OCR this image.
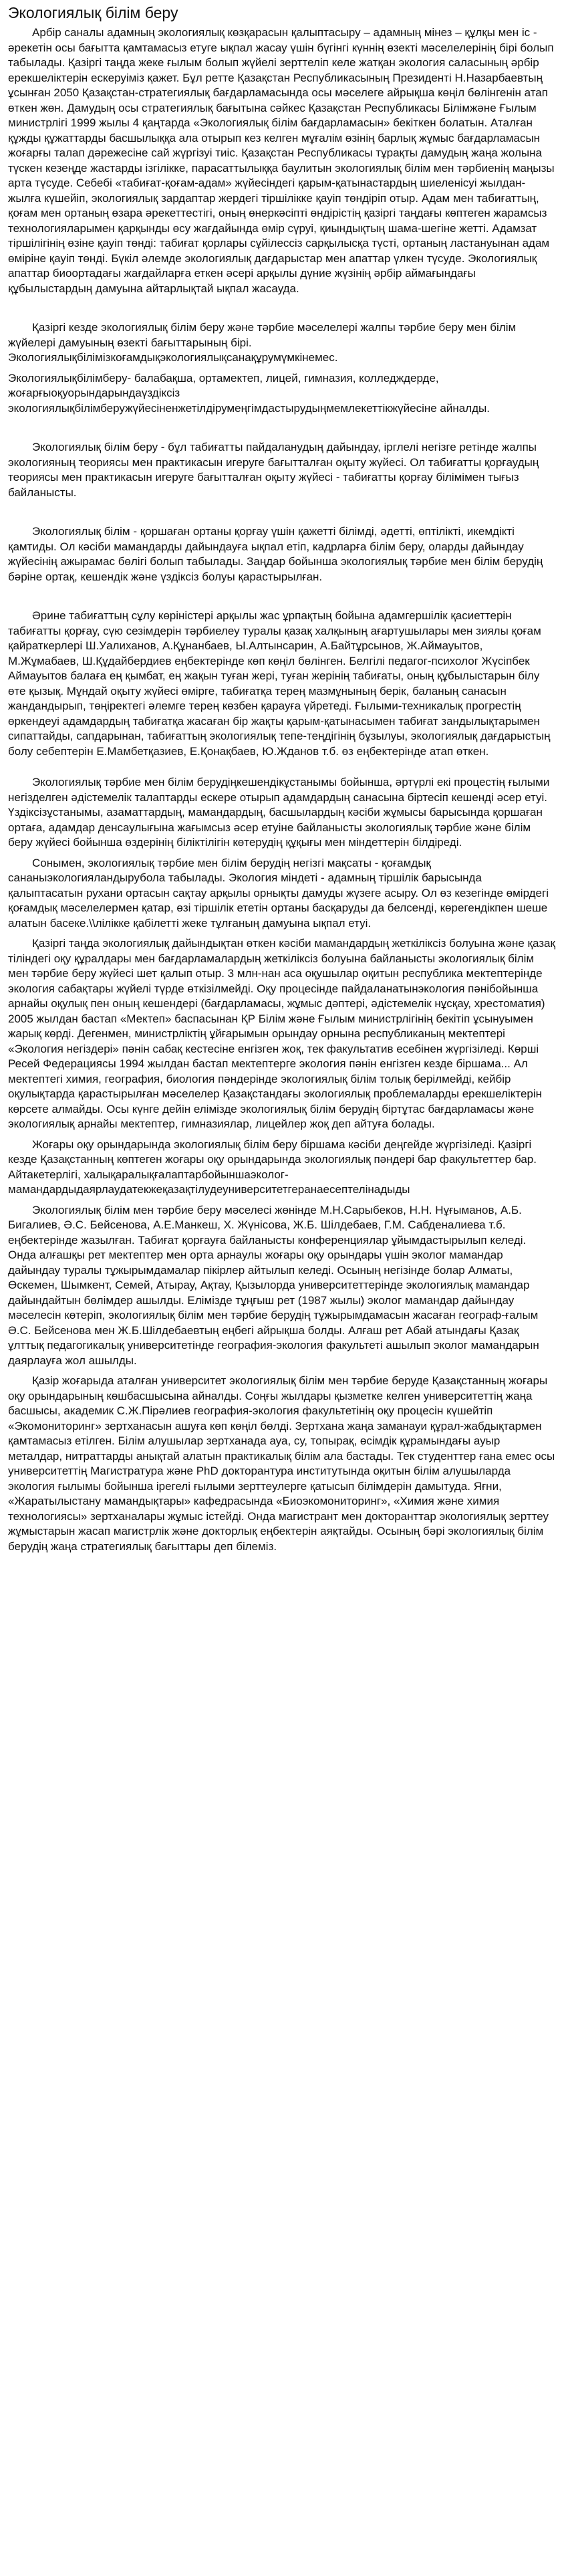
Экологиялық білім беру

Арбір саналы адамның экологиялық көзқарасын қалыптасыру – адамның мінез – құлқы мен іс - әрекетін осы бағытта қамтамасыз етуге ықпал жасау үшін бүгінгі күннің өзекті мәселелерінің бірі болып табылады. Қазіргі таңда жеке ғылым болып жүйелі зерттеліп келе жатқан экология саласының әрбір ерекшеліктерін ескеруіміз қажет. Бұл ретте Қазақстан Республикасының Президенті Н.Назарбаевтың ұсынған 2050 Қазақстан-стратегиялық бағдарламасында осы мәселеге айрықша көңіл бөлінгенін атап өткен жөн. Дамудың осы стратегиялық бағытына сәйкес Қазақстан Республикасы Білімжәне Ғылым министрлігі 1999 жылы 4 қаңтарда «Экологиялық білім бағдарламасын» бекіткен болатын. Аталған құжды құжаттарды басшылыққа ала отырып кез келген мұғалім өзінің барлық жұмыс бағдарламасын жоғарғы талап дәрежесіне сай жүргізуі тиіс. Қазақстан Республикасы тұрақты дамудың жаңа жолына түскен кезеңде жастарды ізгілікке, парасаттылыққа баулитын экологиялық білім мен тәрбиенің маңызы арта түсуде. Себебі «табиғат-қоғам-адам» жүйесіндегі қарым-қатынастардың шиеленісуі жылдан-жылға күшейіп, экологиялық зардаптар жердегі тіршілікке қауіп төндіріп отыр. Адам мен табиғаттың, қоғам мен ортаның өзара әрекеттестігі, оның өнеркәсіпті өндірістің қазіргі таңдағы көптеген жарамсыз технологияларымен қарқынды өсу жағдайында өмір сүруі, қиындықтың шама-шегіне жетті. Адамзат тіршілігінің өзіне қауіп төнді: табиғат қорлары сұйілессіз сарқылысқа түсті, ортаның ластануынан адам өміріне қауіп төнді. Бүкіл әлемде экологиялық дағдарыстар мен апаттар үлкен түсуде. Экологиялық апаттар биоортадағы жағдайларға еткен әсері арқылы дүние жүзінің әрбір аймағындағы құбылыстардың дамуына айтарлықтай ықпал жасауда.

Қазіргі кезде экологиялық білім беру және тәрбие мәселелері жалпы тәрбие беру мен білім жүйелері дамуының өзекті бағыттарының бірі. Экологиялықбілімізкоғамдықэкологиялықсанақұрумүмкінемес.

Экологиялықбілімберу- балабақша, ортамектеп, лицей, гимназия, колледждерде, жоғарғыоқуорындарындаүздіксіз экологиялықбілімберужүйесіненжетілдірумеңгімдастырудыңмемлекеттікжүйесіне айналды.

Экологиялық білім беру - бұл табиғатты пайдаланудың дайындау, ірглелі негізге ретінде жалпы экологияның теориясы мен практикасын игеруге бағытталған оқыту жүйесі. Ол табиғатты қорғаудың теориясы мен практикасын игеруге бағытталған оқыту жүйесі - табиғатты қорғау білімімен тығыз байланысты.

Экологиялық білім - қоршаған ортаны қорғау үшін қажетті білімді, әдетті, өптілікті, икемдікті қамтиды. Ол кәсіби мамандарды дайындауға ықпал етіп, кадрларға білім беру, оларды дайындау жүйесінің ажырамас бөлігі болып табылады. Заңдар бойынша экологиялық тәрбие мен білім берудің бәріне ортақ, кешендік және үздіксіз болуы қарастырылған.

Әрине табиғаттың сұлу көріністері арқылы жас ұрпақтың бойына адамгершілік қасиеттерін табиғатты қорғау, сүю сезімдерін тәрбиелеу туралы қазақ халқының ағартушылары мен зиялы қоғам қайраткерлері Ш.Уалиханов, А.Құнанбаев, Ы.Алтынсарин, А.Байтұрсынов, Ж.Аймауытов, М.Жұмабаев, Ш.Құдайбердиев еңбектерінде көп көңіл бөлінген. Белгілі педагог-психолог Жүсіпбек Аймауытов балаға ең қымбат, ең жақын туған жері, туған жерінің табиғаты, оның құбылыстарын білу өте қызық. Мұндай оқыту жүйесі өмірге, табиғатқа терең мазмұнының берік, баланың санасын жандандырып, төңіректегі әлемге терең көзбен қарауға үйретеді. Ғылыми-техникалық прогрестің өркендеуі адамдардың табиғатқа жасаған бір жақты қарым-қатынасымен табиғат зандылықтарымен сипаттайды, сапдарынан, табиғаттың экологиялық тепе-теңдігінің бұзылуы, экологиялық дағдарыстың болу себептерін Е.Мамбетқазиев, Е.Қонақбаев, Ю.Жданов т.б. өз еңбектерінде атап өткен.

Экологиялық тәрбие мен білім берудіңкешендікұстанымы бойынша, әртүрлі екі процестің ғылыми негізделген әдістемелік талаптарды ескере отырып адамдардың санасына біртесіп кешенді әсер етуі. Үздіксізұстанымы, азаматтардың, мамандардың, басшылардың кәсіби жұмысы барысында қоршаған ортаға, адамдар денсаулығына жағымсыз әсер етуіне байланысты экологиялық тәрбие және білім беру жүйесі бойынша өздерінің біліктілігін көтерудің құқығы мен міндеттерін білдіреді.

Сонымен, экологиялық тәрбие мен білім берудің негізгі мақсаты - қоғамдық сананыэкологияландырубола табылады. Экология міндеті - адамның тіршілік барысында қалыптасатын рухани ортасын сақтау арқылы орнықты дамуды жүзеге асыру. Ол өз кезегінде өмірдегі қоғамдық мәселелермен қатар, өзі тіршілік ететін ортаны басқаруды да белсенді, көрегендікпен шеше алатын басеке.\\лілікке қабілетті жеке тұлғаның дамуына ықпал етуі.

Қазіргі таңда экологиялық дайындықтан өткен кәсіби мамандардың жеткіліксіз болуына және қазақ тіліндегі оқу құралдары мен бағдарламалардың жеткіліксіз болуына байланысты экологиялық білім мен тәрбие беру жүйесі шет қалып отыр. 3 млн-нан аса оқушылар оқитын республика мектептерінде экология сабақтары жүйелі түрде өткізілмейді. Оқу процесінде пайдаланатынэкология пәнібойынша арнайы оқулық пен оның кешендері (бағдарламасы, жұмыс дәптері, әдістемелік нұсқау, хрестоматия) 2005 жылдан бастап «Мектеп» баспасынан ҚР Білім және Ғылым министрлігінің бекітіп ұсынуымен жарық көрді. Дегенмен, министрліктің ұйғарымын орындау орнына республиканың мектептері «Экология негіздері» пәнін сабақ кестесіне енгізген жоқ, тек факультатив есебінен жүргізіледі. Көрші Ресей Федерациясы 1994 жылдан бастап мектептерге экология пәнін енгізген кезде біршама... Ал мектептегі химия, география, биология пәндерінде экологиялық білім толық берілмейді, кейбір оқулықтарда қарастырылған мәселелер Қазақстандағы экологиялық проблемаларды ерекшеліктерін көрсете алмайды. Осы күнге дейін елімізде экологиялық білім берудің біртұтас бағдарламасы және экологиялық арнайы мектептер, гимназиялар, лицейлер жоқ деп айтуға болады.

Жоғары оқу орындарында экологиялық білім беру біршама кәсіби деңгейде жүргізіледі. Қазіргі кезде Қазақстанның көптеген жоғары оқу орындарында экологиялық пәндері бар факультеттер бар. Айтакетерлігі, халықаралықғалаптарбойыншаэколог-мамандардыдаярлаудатекжеқазақтілудеуниверситетгеранаесептелінадыды

Экологиялық білім мен тәрбие беру мәселесі жөнінде М.Н.Сарыбеков, Н.Н. Нұғыманов, А.Б. Бигалиев, Ә.С. Бейсенова, А.Е.Манкеш, Х. Жүнісова, Ж.Б. Шілдебаев, Г.М. Сабденалиева т.б. еңбектерінде жазылған. Табиғат қорғауға байланысты конференциялар ұйымдастырылып келеді. Онда алғашқы рет мектептер мен орта арнаулы жоғары оқу орындары үшін эколог мамандар дайындау туралы тұжырымдамалар пікірлер айтылып келеді. Осының негізінде болар Алматы, Өскемен, Шымкент, Семей, Атырау, Ақтау, Қызылорда университеттерінде экологиялық мамандар дайындайтын бөлімдер ашылды. Елімізде тұңғыш рет (1987 жылы) эколог мамандар дайындау мәселесін көтеріп, экологиялық білім мен тәрбие берудің тұжырымдамасын жасаған географ-ғалым Ә.С. Бейсенова мен Ж.Б.Шілдебаевтың еңбегі айрықша болды. Алғаш рет Абай атындағы Қазақ ұлттық педагогикалық университетінде география-экология факультеті ашылып эколог мамандарын даярлауға жол ашылды.

Қазір жоғарыда аталған университет экологиялық білім мен тәрбие беруде Қазақстанның жоғары оқу орындарының көшбасшысына айналды. Соңғы жылдары қызметке келген университеттің жаңа басшысы, академик С.Ж.Пірәлиев география-экология факультетінің оқу процесін күшейтіп «Экомониторинг» зертханасын ашуға көп көңіл бөлді. Зертхана жаңа заманауи құрал-жабдықтармен қамтамасыз етілген. Білім алушылар зертханада ауа, су, топырақ, өсімдік құрамындағы ауыр металдар, нитраттарды анықтай алатын практикалық білім ала бастады. Тек студенттер ғана емес осы университеттің Магистратура және PhD докторантура институтында оқитын білім алушыларда экология ғылымы бойынша ірегелі ғылыми зерттеулерге қатысып білімдерін дамытуда. Яғни, «Жаратылыстану мамандықтары» кафедрасында «Биоэкомониторинг», «Химия және химия технологиясы» зертханалары жұмыс істейді. Онда магистрант мен докторанттар экологиялық зерттеу жұмыстарын жасап магистрлік және докторлық еңбектерін аяқтайды. Осының бәрі экологиялық білім берудің жаңа стратегиялық бағыттары деп білеміз.
